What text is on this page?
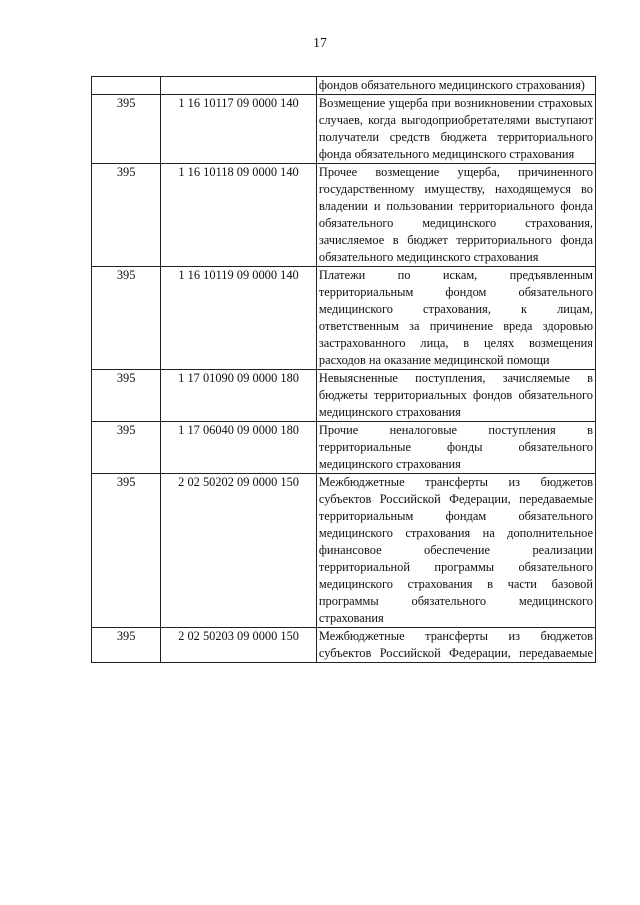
17
		фондов обязательного медицинского страхования)
395	1 16 10117 09 0000 140	Возмещение ущерба при возникновении страховых случаев, когда выгодоприобретателями выступают получатели средств бюджета территориального фонда обязательного медицинского страхования
395	1 16 10118 09 0000 140	Прочее возмещение ущерба, причиненного государственному имуществу, находящемуся во владении и пользовании территориального фонда обязательного медицинского страхования, зачисляемое в бюджет территориального фонда обязательного медицинского страхования
395	1 16 10119 09 0000 140	Платежи по искам, предъявленным территориальным фондом обязательного медицинского страхования, к лицам, ответственным за причинение вреда здоровью застрахованного лица, в целях возмещения расходов на оказание медицинской помощи
395	1 17 01090 09 0000 180	Невыясненные поступления, зачисляемые в бюджеты территориальных фондов обязательного медицинского страхования
395	1 17 06040 09 0000 180	Прочие неналоговые поступления в территориальные фонды обязательного медицинского страхования
395	2 02 50202 09 0000 150	Межбюджетные трансферты из бюджетов субъектов Российской Федерации, передаваемые территориальным фондам обязательного медицинского страхования на дополнительное финансовое обеспечение реализации территориальной программы обязательного медицинского страхования в части базовой программы обязательного медицинского страхования
395	2 02 50203 09 0000 150	Межбюджетные трансферты из бюджетов субъектов Российской Федерации, передаваемые
